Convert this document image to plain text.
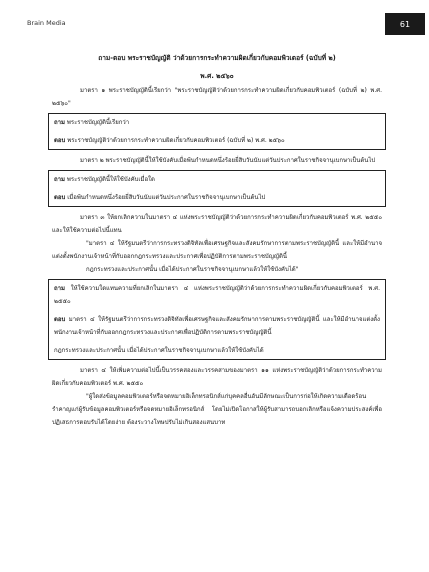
Brain Media	61

ถาม-ตอบ พระราชบัญญัติ ว่าด้วยการกระทำความผิดเกี่ยวกับคอมพิวเตอร์ (ฉบับที่ ๒)

พ.ศ. ๒๕๖๐

มาตรา ๑ พระราชบัญญัตินี้เรียกว่า "พระราชบัญญัติว่าด้วยการกระทำความผิดเกี่ยวกับคอมพิวเตอร์ (ฉบับที่ ๒) พ.ศ. ๒๕๖๐"

ถาม พระราชบัญญัตินี้เรียกว่า

ตอบ พระราชบัญญัติว่าด้วยการกระทำความผิดเกี่ยวกับคอมพิวเตอร์ (ฉบับที่ ๒) พ.ศ. ๒๕๖๐

มาตรา ๒ พระราชบัญญัตินี้ให้ใช้บังคับเมื่อพ้นกำหนดหนึ่งร้อยยี่สิบวันนับแต่วันประกาศในราชกิจจานุเบกษาเป็นต้นไป

ถาม พระราชบัญญัตินี้ให้ใช้บังคับเมื่อใด

ตอบ เมื่อพ้นกำหนดหนึ่งร้อยยี่สิบวันนับแต่วันประกาศในราชกิจจานุเบกษาเป็นต้นไป

มาตรา ๓ ให้ยกเลิกความในมาตรา ๔ แห่งพระราชบัญญัติว่าด้วยการกระทำความผิดเกี่ยวกับคอมพิวเตอร์ พ.ศ. ๒๕๕๐ และให้ใช้ความต่อไปนี้แทน

"มาตรา ๔ ให้รัฐมนตรีว่าการกระทรวงดิจิทัลเพื่อเศรษฐกิจและสังคมรักษาการตามพระราชบัญญัตินี้ และให้มีอำนาจแต่งตั้งพนักงานเจ้าหน้าที่กับออกกฎกระทรวงและประกาศเพื่อปฏิบัติการตามพระราชบัญญัตินี้

กฎกระทรวงและประกาศนั้น เมื่อได้ประกาศในราชกิจจานุเบกษาแล้วให้ใช้บังคับได้"

ถาม ให้ใช้ความใดแทนความที่ยกเลิกในมาตรา ๔ แห่งพระราชบัญญัติว่าด้วยการกระทำความผิดเกี่ยวกับคอมพิวเตอร์ พ.ศ. ๒๕๕๐

ตอบ มาตรา ๔ ให้รัฐมนตรีว่าการกระทรวงดิจิทัลเพื่อเศรษฐกิจและสังคมรักษาการตามพระราชบัญญัตินี้ และให้มีอำนาจแต่งตั้งพนักงานเจ้าหน้าที่กับออกกฎกระทรวงและประกาศเพื่อปฏิบัติการตามพระราชบัญญัตินี้

กฎกระทรวงและประกาศนั้น เมื่อได้ประกาศในราชกิจจานุเบกษาแล้วให้ใช้บังคับได้

มาตรา ๔ ให้เพิ่มความต่อไปนี้เป็นวรรคสองและวรรคสามของมาตรา ๑๑ แห่งพระราชบัญญัติว่าด้วยการกระทำความผิดเกี่ยวกับคอมพิวเตอร์ พ.ศ. ๒๕๕๐

"ผู้ใดส่งข้อมูลคอมพิวเตอร์หรือจดหมายอิเล็กทรอนิกส์แก่บุคคลอื่นอันมีลักษณะเป็นการก่อให้เกิดความเดือดร้อนรำคาญแก่ผู้รับข้อมูลคอมพิวเตอร์หรือจดหมายอิเล็กทรอนิกส์ โดยไม่เปิดโอกาสให้ผู้รับสามารถบอกเลิกหรือแจ้งความประสงค์เพื่อปฏิเสธการตอบรับได้โดยง่าย ต้องระวางโทษปรับไม่เกินสองแสนบาท
